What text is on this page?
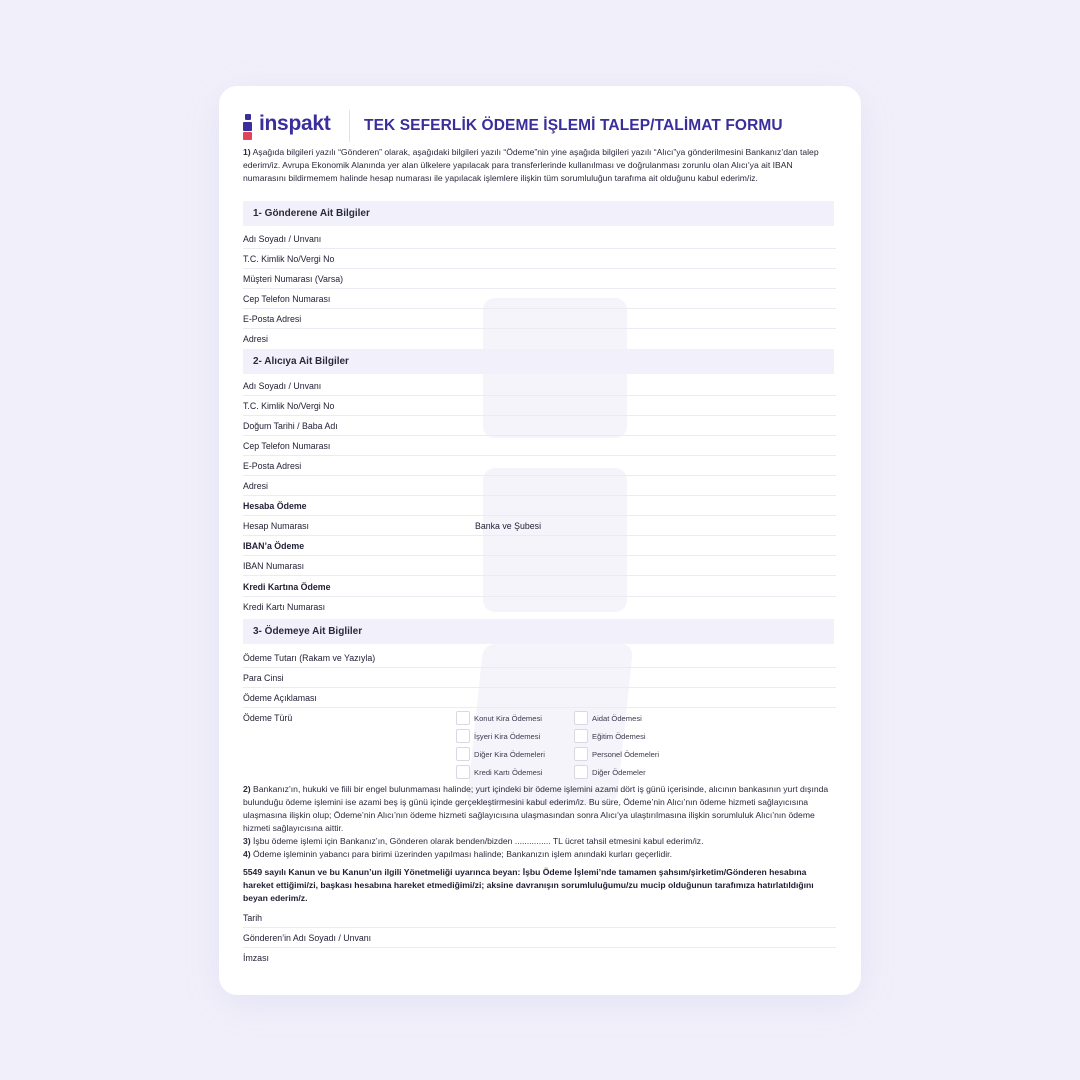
inspakt TEK SEFERLİK ÖDEME İŞLEMİ TALEP/TALİMAT FORMU
1) Aşağıda bilgileri yazılı “Gönderen” olarak, aşağıdaki bilgileri yazılı “Ödeme”nin yine aşağıda bilgileri yazılı “Alıcı”ya gönderilmesini Bankanız’dan talep ederim/iz. Avrupa Ekonomik Alanında yer alan ülkelere yapılacak para transferlerinde kullanılması ve doğrulanması zorunlu olan Alıcı’ya ait IBAN numarasını bildirmemem halinde hesap numarası ile yapılacak işlemlere ilişkin tüm sorumluluğun tarafıma ait olduğunu kabul ederim/iz.
1- Gönderene Ait Bilgiler
Adı Soyadı / Unvanı
T.C. Kimlik No/Vergi No
Müşteri Numarası (Varsa)
Cep Telefon Numarası
E-Posta Adresi
Adresi
2- Alıcıya Ait Bilgiler
Adı Soyadı / Unvanı
T.C. Kimlik No/Vergi No
Doğum Tarihi / Baba Adı
Cep Telefon Numarası
E-Posta Adresi
Adresi
Hesaba Ödeme
Hesap Numarası	Banka ve Şubesi
IBAN’a Ödeme
IBAN Numarası
Kredi Kartına Ödeme
Kredi Kartı Numarası
3- Ödemeye Ait Bigliler
Ödeme Tutarı (Rakam ve Yazıyla)
Para Cinsi
Ödeme Açıklaması
Ödeme Türü	Konut Kira Ödemesi
İşyeri Kira Ödemesi
Diğer Kira Ödemeleri
Kredi Kartı Ödemesi
Aidat Ödemesi
Eğitim Ödemesi
Personel Ödemeleri
Diğer Ödemeler
2) Bankanız’ın, hukuki ve fiili bir engel bulunmaması halinde; yurt içindeki bir ödeme işlemini azami dört iş günü içerisinde, alıcının bankasının yurt dışında bulunduğu ödeme işlemini ise azami beş iş günü içinde gerçekleştirmesini kabul ederim/iz. Bu süre, Ödeme’nin Alıcı’nın ödeme hizmeti sağlayıcısına ulaşmasına ilişkin olup; Ödeme’nin Alıcı’nın ödeme hizmeti sağlayıcısına ulaşmasından sonra Alıcı’ya ulaştırılmasına ilişkin sorumluluk Alıcı’nın ödeme hizmeti sağlayıcısına aittir.
3) İşbu ödeme işlemi için Bankanız’ın, Gönderen olarak benden/bizden ............... TL ücret tahsil etmesini kabul ederim/iz.
4) Ödeme işleminin yabancı para birimi üzerinden yapılması halinde; Bankanızın işlem anındaki kurları geçerlidir.
5549 sayılı Kanun ve bu Kanun’un ilgili Yönetmeliği uyarınca beyan: İşbu Ödeme İşlemi’nde tamamen şahsım/şirketim/Gönderen hesabına hareket ettiğimi/zi, başkası hesabına hareket etmediğimi/zi; aksine davranışın sorumluluğumu/zu mucip olduğunun tarafımıza hatırlatıldığını beyan ederim/z.
Tarih
Gönderen’in Adı Soyadı / Unvanı
İmzası
